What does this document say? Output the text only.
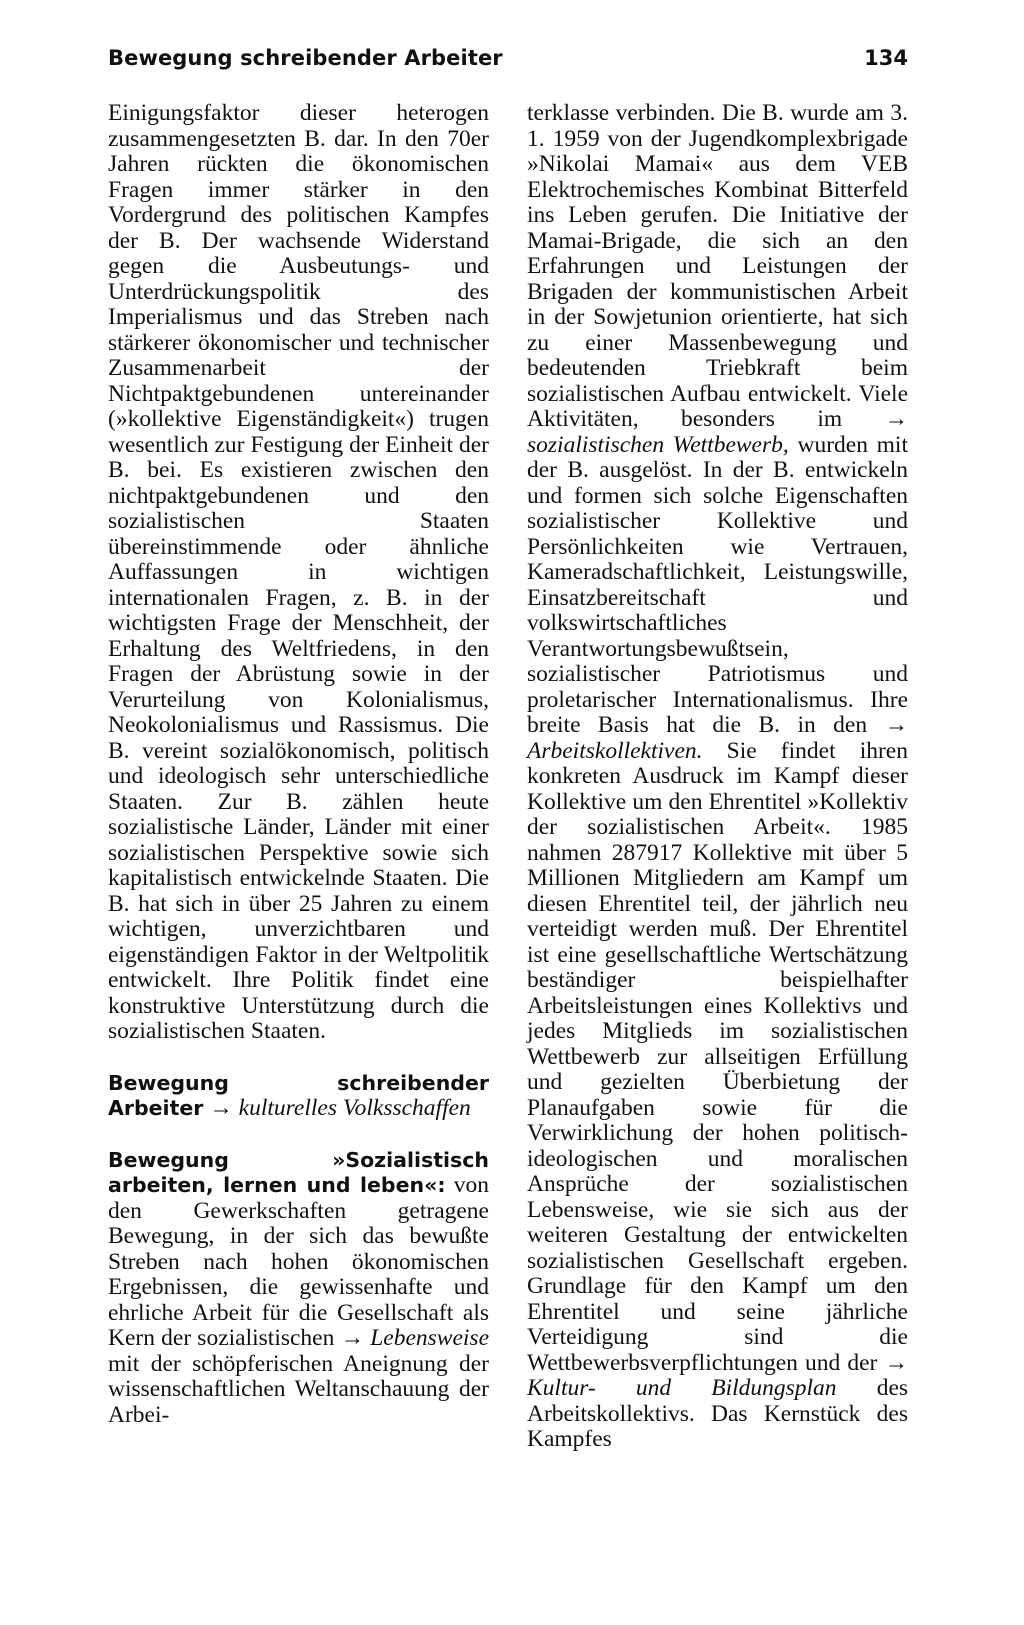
Bewegung schreibender Arbeiter	134

Einigungsfaktor dieser heterogen zusammengesetzten B. dar. In den 70er Jahren rückten die ökonomischen Fragen immer stärker in den Vordergrund des politischen Kampfes der B. Der wachsende Widerstand gegen die Ausbeutungs- und Unterdrückungspolitik des Imperialismus und das Streben nach stärkerer ökonomischer und technischer Zusammenarbeit der Nichtpaktgebundenen untereinander (»kollektive Eigenständigkeit«) trugen wesentlich zur Festigung der Einheit der B. bei. Es existieren zwischen den nichtpaktgebundenen und den sozialistischen Staaten übereinstimmende oder ähnliche Auffassungen in wichtigen internationalen Fragen, z. B. in der wichtigsten Frage der Menschheit, der Erhaltung des Weltfriedens, in den Fragen der Abrüstung sowie in der Verurteilung von Kolonialismus, Neokolonialismus und Rassismus. Die B. vereint sozialökonomisch, politisch und ideologisch sehr unterschiedliche Staaten. Zur B. zählen heute sozialistische Länder, Länder mit einer sozialistischen Perspektive sowie sich kapitalistisch entwickelnde Staaten. Die B. hat sich in über 25 Jahren zu einem wichtigen, unverzichtbaren und eigenständigen Faktor in der Weltpolitik entwickelt. Ihre Politik findet eine konstruktive Unterstützung durch die sozialistischen Staaten.

Bewegung schreibender Arbeiter → kulturelles Volksschaffen

Bewegung »Sozialistisch arbeiten, lernen und leben«: von den Gewerkschaften getragene Bewegung, in der sich das bewußte Streben nach hohen ökonomischen Ergebnissen, die gewissenhafte und ehrliche Arbeit für die Gesellschaft als Kern der sozialistischen → Lebensweise mit der schöpferischen Aneignung der wissenschaftlichen Weltanschauung der Arbei-

terklasse verbinden. Die B. wurde am 3. 1. 1959 von der Jugendkomplexbrigade »Nikolai Mamai« aus dem VEB Elektrochemisches Kombinat Bitterfeld ins Leben gerufen. Die Initiative der Mamai-Brigade, die sich an den Erfahrungen und Leistungen der Brigaden der kommunistischen Arbeit in der Sowjetunion orientierte, hat sich zu einer Massenbewegung und bedeutenden Triebkraft beim sozialistischen Aufbau entwickelt. Viele Aktivitäten, besonders im → sozialistischen Wettbewerb, wurden mit der B. ausgelöst. In der B. entwickeln und formen sich solche Eigenschaften sozialistischer Kollektive und Persönlichkeiten wie Vertrauen, Kameradschaftlichkeit, Leistungswille, Einsatzbereitschaft und volkswirtschaftliches Verantwortungsbewußtsein, sozialistischer Patriotismus und proletarischer Internationalismus. Ihre breite Basis hat die B. in den → Arbeitskollektiven. Sie findet ihren konkreten Ausdruck im Kampf dieser Kollektive um den Ehrentitel »Kollektiv der sozialistischen Arbeit«. 1985 nahmen 287917 Kollektive mit über 5 Millionen Mitgliedern am Kampf um diesen Ehrentitel teil, der jährlich neu verteidigt werden muß. Der Ehrentitel ist eine gesellschaftliche Wertschätzung beständiger beispielhafter Arbeitsleistungen eines Kollektivs und jedes Mitglieds im sozialistischen Wettbewerb zur allseitigen Erfüllung und gezielten Überbietung der Planaufgaben sowie für die Verwirklichung der hohen politisch-ideologischen und moralischen Ansprüche der sozialistischen Lebensweise, wie sie sich aus der weiteren Gestaltung der entwickelten sozialistischen Gesellschaft ergeben. Grundlage für den Kampf um den Ehrentitel und seine jährliche Verteidigung sind die Wettbewerbsverpflichtungen und der → Kultur- und Bildungsplan des Arbeitskollektivs. Das Kernstück des Kampfes
